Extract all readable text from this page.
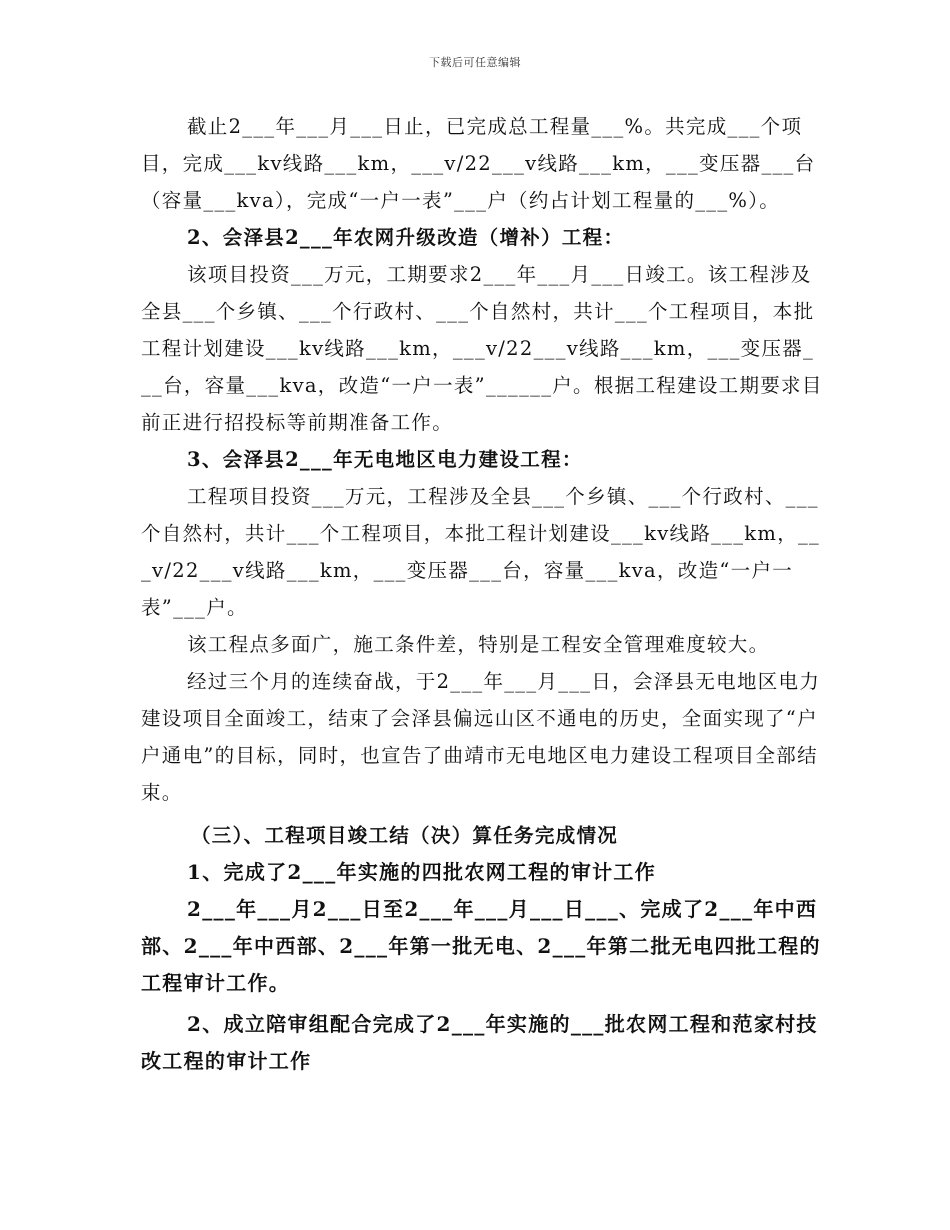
下载后可任意编辑

截止2___年___月___日止，已完成总工程量___%。共完成___个项目，完成___kv线路___km，___v/22___v线路___km，___变压器___台（容量___kva），完成“一户一表”___户（约占计划工程量的___%）。

2、会泽县2___年农网升级改造（增补）工程：

该项目投资___万元，工期要求2___年___月___日竣工。该工程涉及全县___个乡镇、___个行政村、___个自然村，共计___个工程项目，本批工程计划建设___kv线路___km，___v/22___v线路___km，___变压器___台，容量___kva，改造“一户一表”______户。根据工程建设工期要求目前正进行招投标等前期准备工作。

3、会泽县2___年无电地区电力建设工程：

工程项目投资___万元，工程涉及全县___个乡镇、___个行政村、___个自然村，共计___个工程项目，本批工程计划建设___kv线路___km，___v/22___v线路___km，___变压器___台，容量___kva，改造“一户一表”___户。

该工程点多面广，施工条件差，特别是工程安全管理难度较大。

经过三个月的连续奋战，于2___年___月___日，会泽县无电地区电力建设项目全面竣工，结束了会泽县偏远山区不通电的历史，全面实现了“户户通电”的目标，同时，也宣告了曲靖市无电地区电力建设工程项目全部结束。

（三）、工程项目竣工结（决）算任务完成情况

1、完成了2___年实施的四批农网工程的审计工作

2___年___月2___日至2___年___月___日___、完成了2___年中西部、2___年中西部、2___年第一批无电、2___年第二批无电四批工程的工程审计工作。

2、成立陪审组配合完成了2___年实施的___批农网工程和范家村技改工程的审计工作
